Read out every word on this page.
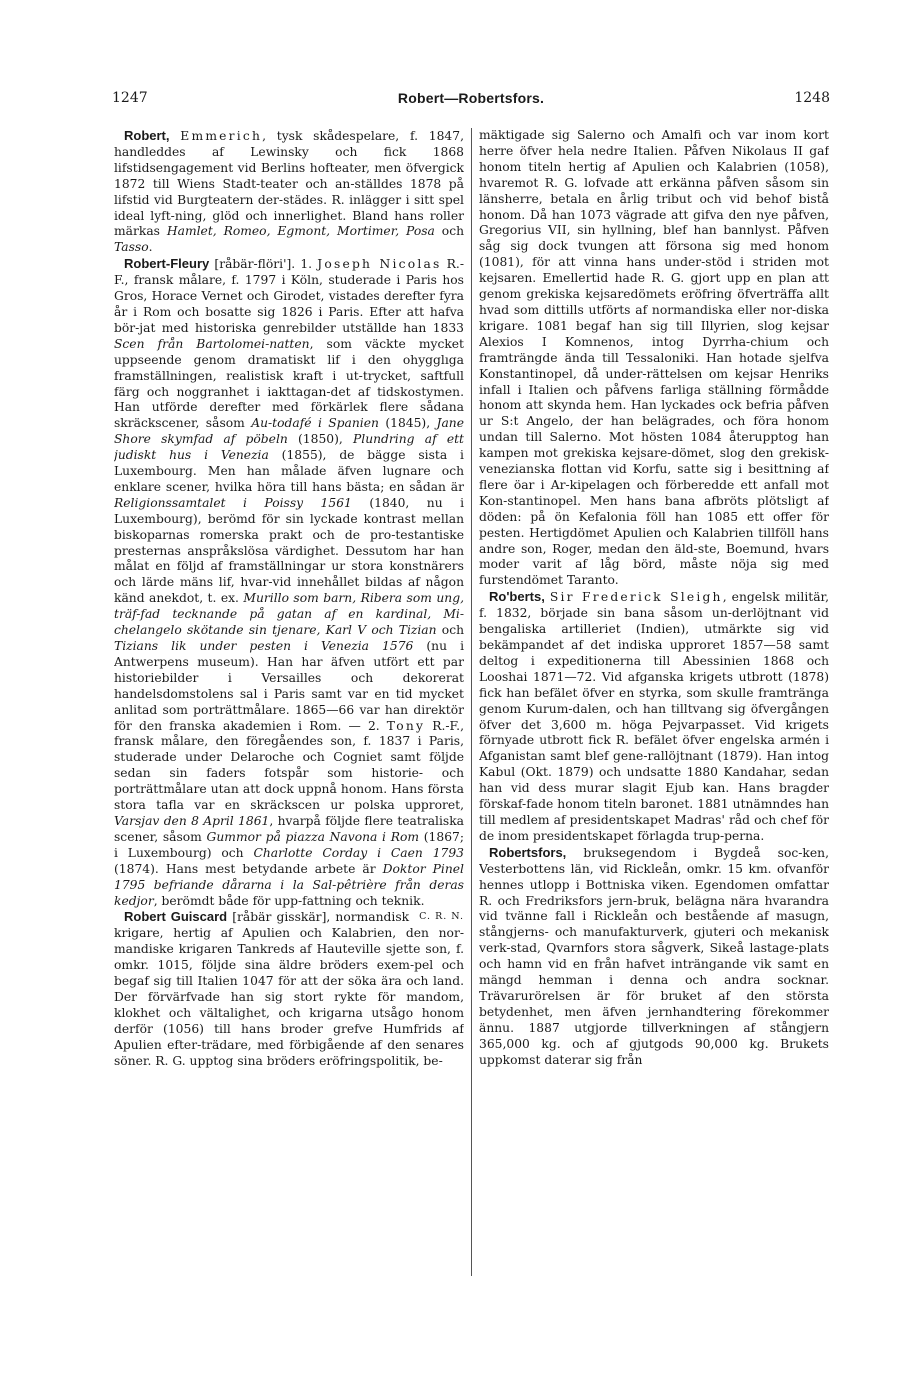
1247	Robert—Robertsfors.	1248

Robert, Emmerich, tysk skådespelare, f. 1847, handleddes af Lewinsky och fick 1868 lifstidsengagement vid Berlins hofteater, men öfvergick 1872 till Wiens Stadt-teater och an-ställdes 1878 på lifstid vid Burgteatern der-städes. R. inlägger i sitt spel ideal lyft-ning, glöd och innerlighet. Bland hans roller märkas Hamlet, Romeo, Egmont, Mortimer, Posa och Tasso.

Robert-Fleury [råbär-flöri']. 1. Joseph Nicolas R.-F., fransk målare, f. 1797 i Köln, studerade i Paris hos Gros, Horace Vernet och Girodet, vistades derefter fyra år i Rom och bosatte sig 1826 i Paris. Efter att hafva bör-jat med historiska genrebilder utställde han 1833 Scen från Bartolomei-natten, som väckte mycket uppseende genom dramatiskt lif i den ohygglıga framställningen, realistisk kraft i ut-trycket, saftfull färg och noggranhet i iakttagan-det af tidskostymen. Han utförde derefter med förkärlek flere sådana skräckscener, såsom Au-todafé i Spanien (1845), Jane Shore skymfad af pöbeln (1850), Plundring af ett judiskt hus i Venezia (1855), de bägge sista i Luxembourg. Men han målade äfven lugnare och enklare scener, hvilka höra till hans bästa; en sådan är Religionssamtalet i Poissy 1561 (1840, nu i Luxembourg), berömd för sin lyckade kontrast mellan biskoparnas romerska prakt och de pro-testantiske presternas anspråkslösa värdighet. Dessutom har han målat en följd af framställningar ur stora konstnärers och lärde mäns lif, hvar-vid innehållet bildas af någon känd anekdot, t. ex. Murillo som barn, Ribera som ung, träf-fad tecknande på gatan af en kardinal, Mi-chelangelo skötande sin tjenare, Karl V och Tizian och Tizians lik under pesten i Venezia 1576 (nu i Antwerpens museum). Han har äfven utfört ett par historiebilder i Versailles och dekorerat handelsdomstolens sal i Paris samt var en tid mycket anlitad som porträttmålare. 1865—66 var han direktör för den franska akademien i Rom. — 2. Tony R.-F., fransk målare, den föregåendes son, f. 1837 i Paris, studerade under Delaroche och Cogniet samt följde sedan sin faders fotspår som historie- och porträttmålare utan att dock uppnå honom. Hans första stora tafla var en skräckscen ur polska upproret, Varsjav den 8 April 1861, hvarpå följde flere teatraliska scener, såsom Gummor på piazza Navona i Rom (1867; i Luxembourg) och Charlotte Corday i Caen 1793 (1874). Hans mest betydande arbete är Doktor Pinel 1795 befriande dårarna i la Sal-pêtrière från deras kedjor, berömdt både för upp-fattning och teknik.
C. R. N.

Robert Guiscard [råbär gisskär], normandisk krigare, hertig af Apulien och Kalabrien, den nor-mandiske krigaren Tankreds af Hauteville sjette son, f. omkr. 1015, följde sina äldre bröders exem-pel och begaf sig till Italien 1047 för att der söka ära och land. Der förvärfvade han sig stort rykte för mandom, klokhet och vältalighet, och krigarna utsågo honom derför (1056) till hans broder grefve Humfrids af Apulien efter-trädare, med förbigående af den senares söner. R. G. upptog sina bröders eröfringspolitik, be-

mäktigade sig Salerno och Amalfi och var inom kort herre öfver hela nedre Italien. Påfven Nikolaus II gaf honom titeln hertig af Apulien och Kalabrien (1058), hvaremot R. G. lofvade att erkänna påfven såsom sin länsherre, betala en årlig tribut och vid behof bistå honom. Då han 1073 vägrade att gifva den nye påfven, Gregorius VII, sin hyllning, blef han bannlyst. Påfven såg sig dock tvungen att försona sig med honom (1081), för att vinna hans under-stöd i striden mot kejsaren. Emellertid hade R. G. gjort upp en plan att genom grekiska kejsaredömets eröfring öfverträffa allt hvad som dittills utförts af normandiska eller nor-diska krigare. 1081 begaf han sig till Illyrien, slog kejsar Alexios I Komnenos, intog Dyrrha-chium och framträngde ända till Tessaloniki. Han hotade sjelfva Konstantinopel, då under-rättelsen om kejsar Henriks infall i Italien och påfvens farliga ställning förmådde honom att skynda hem. Han lyckades ock befria påfven ur S:t Angelo, der han belägrades, och föra honom undan till Salerno. Mot hösten 1084 återupptog han kampen mot grekiska kejsare-dömet, slog den grekisk-venezianska flottan vid Korfu, satte sig i besittning af flere öar i Ar-kipelagen och förberedde ett anfall mot Kon-stantinopel. Men hans bana afbröts plötsligt af döden: på ön Kefalonia föll han 1085 ett offer för pesten. Hertigdömet Apulien och Kalabrien tillföll hans andre son, Roger, medan den äld-ste, Boemund, hvars moder varit af låg börd, måste nöja sig med furstendömet Taranto.

Ro'berts, Sir Frederick Sleigh, engelsk militär, f. 1832, började sin bana såsom un-derlöjtnant vid bengaliska artilleriet (Indien), utmärkte sig vid bekämpandet af det indiska upproret 1857—58 samt deltog i expeditionerna till Abessinien 1868 och Looshai 1871—72. Vid afganska krigets utbrott (1878) fick han befälet öfver en styrka, som skulle framtränga genom Kurum-dalen, och han tilltvang sig öfvergången öfver det 3,600 m. höga Pejvarpasset. Vid krigets förnyade utbrott fick R. befälet öfver engelska armén i Afganistan samt blef gene-rallöjtnant (1879). Han intog Kabul (Okt. 1879) och undsatte 1880 Kandahar, sedan han vid dess murar slagit Ejub kan. Hans bragder förskaf-fade honom titeln baronet. 1881 utnämndes han till medlem af presidentskapet Madras' råd och chef för de inom presidentskapet förlagda trup-perna.

Robertsfors, bruksegendom i Bygdeå soc-ken, Vesterbottens län, vid Rickleån, omkr. 15 km. ofvanför hennes utlopp i Bottniska viken. Egendomen omfattar R. och Fredriksfors jern-bruk, belägna nära hvarandra vid tvänne fall i Rickleån och bestående af masugn, stångjerns- och manufakturverk, gjuteri och mekanisk verk-stad, Qvarnfors stora sågverk, Sikeå lastage-plats och hamn vid en från hafvet inträngande vik samt en mängd hemman i denna och andra socknar. Trävarurörelsen är för bruket af den största betydenhet, men äfven jernhandtering förekommer ännu. 1887 utgjorde tillverkningen af stångjern 365,000 kg. och af gjutgods 90,000 kg. Brukets uppkomst daterar sig från
